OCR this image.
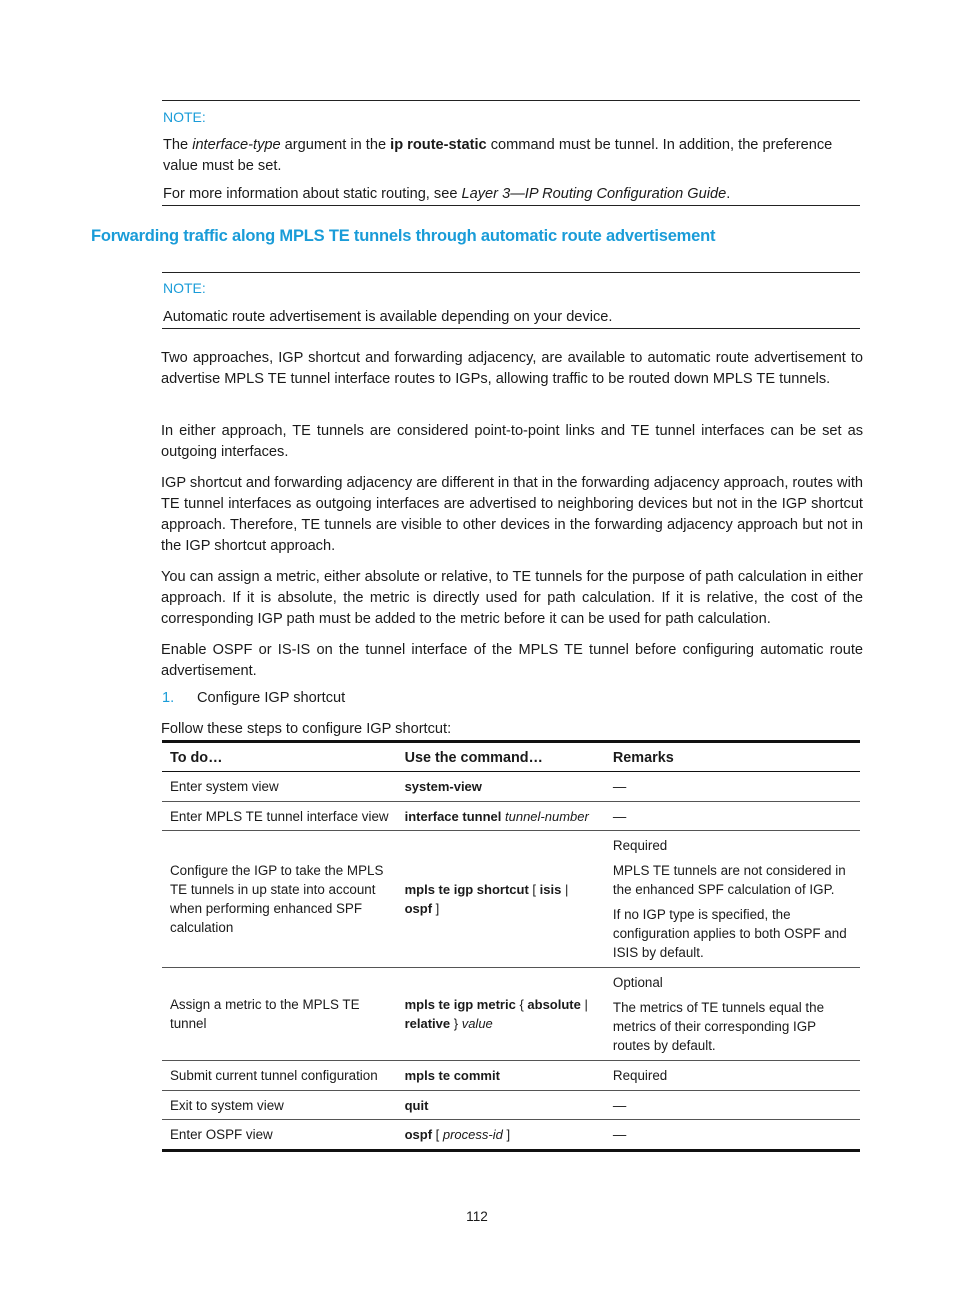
NOTE:
The interface-type argument in the ip route-static command must be tunnel. In addition, the preference value must be set.
For more information about static routing, see Layer 3—IP Routing Configuration Guide.
Forwarding traffic along MPLS TE tunnels through automatic route advertisement
NOTE:
Automatic route advertisement is available depending on your device.
Two approaches, IGP shortcut and forwarding adjacency, are available to automatic route advertisement to advertise MPLS TE tunnel interface routes to IGPs, allowing traffic to be routed down MPLS TE tunnels.
In either approach, TE tunnels are considered point-to-point links and TE tunnel interfaces can be set as outgoing interfaces.
IGP shortcut and forwarding adjacency are different in that in the forwarding adjacency approach, routes with TE tunnel interfaces as outgoing interfaces are advertised to neighboring devices but not in the IGP shortcut approach. Therefore, TE tunnels are visible to other devices in the forwarding adjacency approach but not in the IGP shortcut approach.
You can assign a metric, either absolute or relative, to TE tunnels for the purpose of path calculation in either approach. If it is absolute, the metric is directly used for path calculation. If it is relative, the cost of the corresponding IGP path must be added to the metric before it can be used for path calculation.
Enable OSPF or IS-IS on the tunnel interface of the MPLS TE tunnel before configuring automatic route advertisement.
1. Configure IGP shortcut
Follow these steps to configure IGP shortcut:
To do…	Use the command…	Remarks
Enter system view	system-view	—

Enter MPLS TE tunnel interface view	interface tunnel tunnel-number	—

Configure the IGP to take the MPLS TE tunnels in up state into account when performing enhanced SPF calculation	mpls te igp shortcut [ isis | ospf ]	Required

MPLS TE tunnels are not considered in the enhanced SPF calculation of IGP.

If no IGP type is specified, the configuration applies to both OSPF and ISIS by default.

Assign a metric to the MPLS TE tunnel	mpls te igp metric { absolute | relative } value	Optional

The metrics of TE tunnels equal the metrics of their corresponding IGP routes by default.

Submit current tunnel configuration	mpls te commit	Required

Exit to system view	quit	—

Enter OSPF view	ospf [ process-id ]	—

112
